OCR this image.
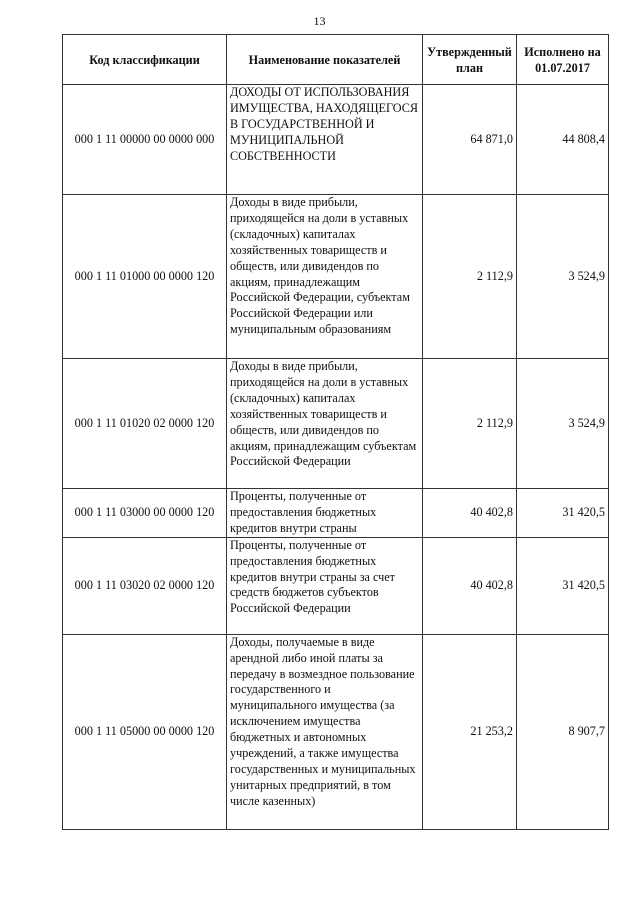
13
Код классификации	Наименование показателей	Утвержденный план	Исполнено на 01.07.2017
000 1 11 00000 00 0000 000	ДОХОДЫ ОТ ИСПОЛЬЗОВАНИЯ ИМУЩЕСТВА, НАХОДЯЩЕГОСЯ В ГОСУДАРСТВЕННОЙ И МУНИЦИПАЛЬНОЙ СОБСТВЕННОСТИ	64 871,0	44 808,4
000 1 11 01000 00 0000 120	Доходы в виде прибыли, приходящейся на доли в уставных (складочных) капиталах хозяйственных товариществ и обществ, или дивидендов по акциям, принадлежащим Российской Федерации, субъектам Российской Федерации или муниципальным образованиям	2 112,9	3 524,9
000 1 11 01020 02 0000 120	Доходы в виде прибыли, приходящейся на доли в уставных (складочных) капиталах хозяйственных товариществ и обществ, или дивидендов по акциям, принадлежащим субъектам Российской Федерации	2 112,9	3 524,9
000 1 11 03000 00 0000 120	Проценты, полученные от предоставления бюджетных кредитов внутри страны	40 402,8	31 420,5
000 1 11 03020 02 0000 120	Проценты, полученные от предоставления бюджетных кредитов внутри страны за счет средств бюджетов субъектов Российской Федерации	40 402,8	31 420,5
000 1 11 05000 00 0000 120	Доходы, получаемые в виде арендной либо иной платы за передачу в возмездное пользование государственного и муниципального имущества (за исключением имущества бюджетных и автономных учреждений, а также имущества государственных и муниципальных унитарных предприятий, в том числе казенных)	21 253,2	8 907,7
